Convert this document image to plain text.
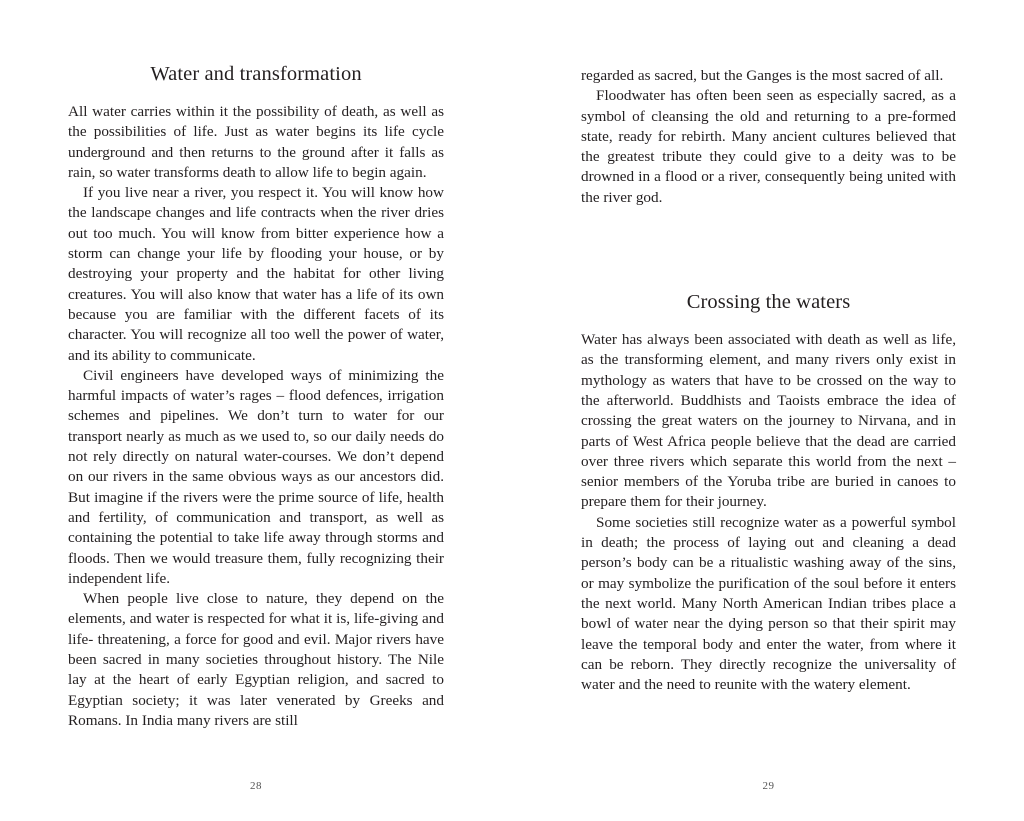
Water and transformation

All water carries within it the possibility of death, as well as the possibilities of life. Just as water begins its life cycle underground and then returns to the ground after it falls as rain, so water transforms death to allow life to begin again.

If you live near a river, you respect it. You will know how the landscape changes and life contracts when the river dries out too much. You will know from bitter experience how a storm can change your life by flooding your house, or by destroying your property and the habitat for other living creatures. You will also know that water has a life of its own because you are familiar with the different facets of its character. You will recognize all too well the power of water, and its ability to communicate.

Civil engineers have developed ways of minimizing the harmful impacts of water’s rages – flood defences, irrigation schemes and pipelines. We don’t turn to water for our transport nearly as much as we used to, so our daily needs do not rely directly on natural water-courses. We don’t depend on our rivers in the same obvious ways as our ancestors did. But imagine if the rivers were the prime source of life, health and fertility, of communication and transport, as well as containing the potential to take life away through storms and floods. Then we would treasure them, fully recognizing their independent life.

When people live close to nature, they depend on the elements, and water is respected for what it is, life-giving and life- threatening, a force for good and evil. Major rivers have been sacred in many societies throughout history. The Nile lay at the heart of early Egyptian religion, and sacred to Egyptian society; it was later venerated by Greeks and Romans. In India many rivers are still

28

regarded as sacred, but the Ganges is the most sacred of all.

Floodwater has often been seen as especially sacred, as a symbol of cleansing the old and returning to a pre-formed state, ready for rebirth. Many ancient cultures believed that the greatest tribute they could give to a deity was to be drowned in a flood or a river, consequently being united with the river god.

Crossing the waters

Water has always been associated with death as well as life, as the transforming element, and many rivers only exist in mythology as waters that have to be crossed on the way to the afterworld. Buddhists and Taoists embrace the idea of crossing the great waters on the journey to Nirvana, and in parts of West Africa people believe that the dead are carried over three rivers which separate this world from the next – senior members of the Yoruba tribe are buried in canoes to prepare them for their journey.

Some societies still recognize water as a powerful symbol in death; the process of laying out and cleaning a dead person’s body can be a ritualistic washing away of the sins, or may symbolize the purification of the soul before it enters the next world. Many North American Indian tribes place a bowl of water near the dying person so that their spirit may leave the temporal body and enter the water, from where it can be reborn. They directly recognize the universality of water and the need to reunite with the watery element.

29
